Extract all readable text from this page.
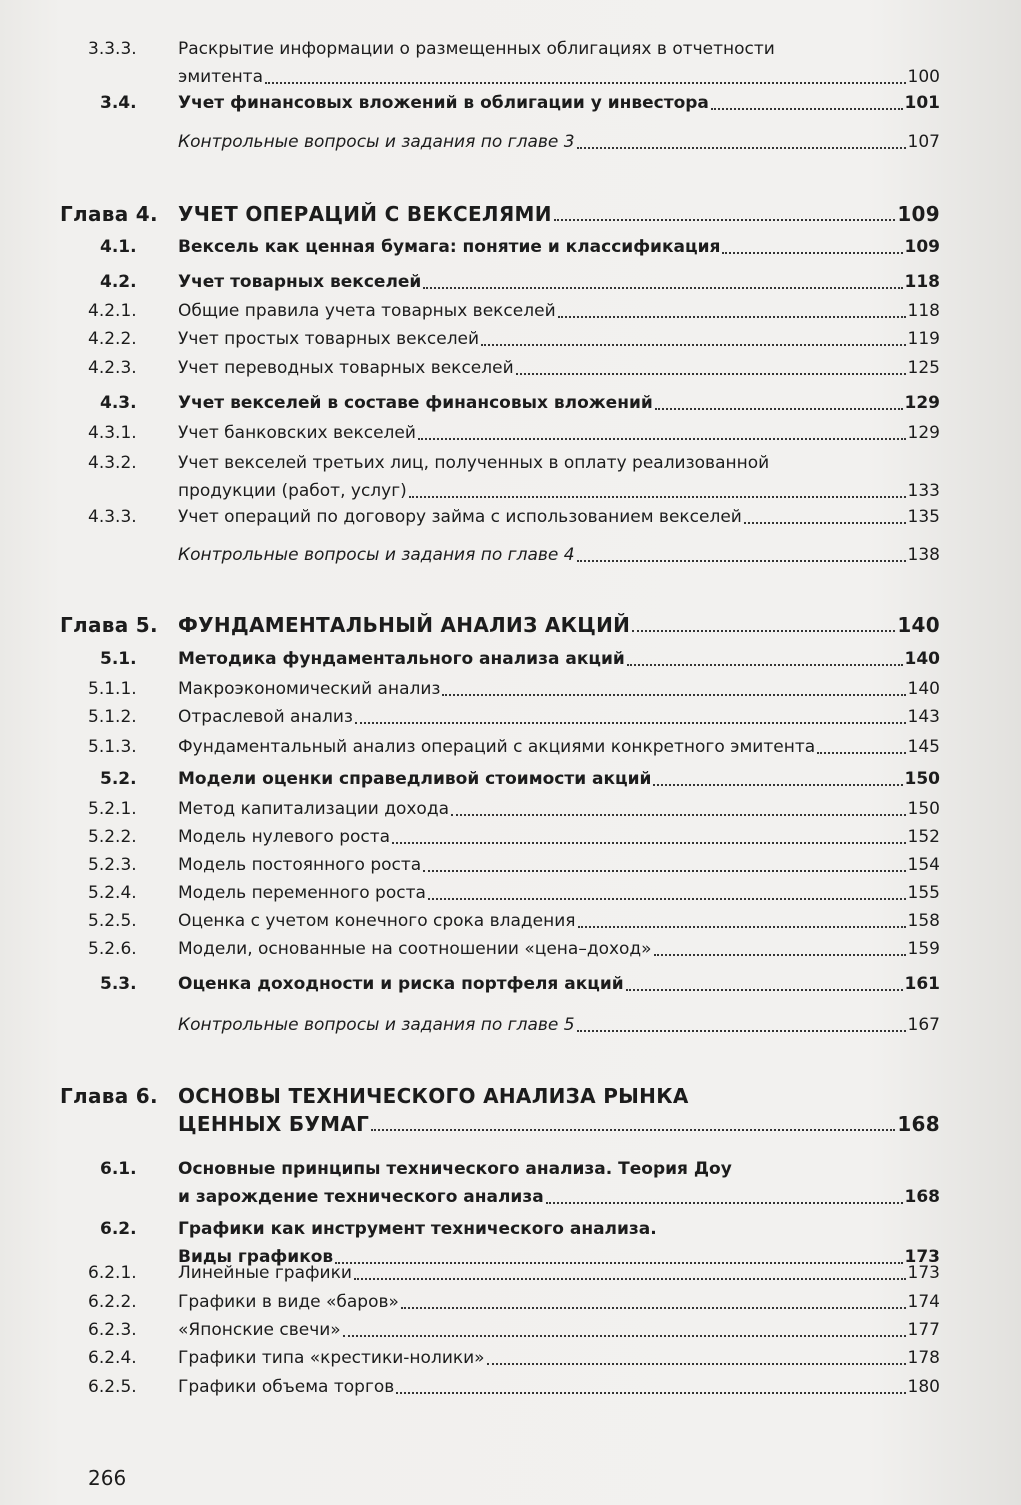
3.3.3.	Раскрытие информации о размещенных облигациях в отчетности
эмитента	100
3.4.	Учет финансовых вложений в облигации у инвестора	101
Контрольные вопросы и задания по главе 3	107
Глава 4.	УЧЕТ ОПЕРАЦИЙ С ВЕКСЕЛЯМИ	109
4.1.	Вексель как ценная бумага: понятие и классификация	109
4.2.	Учет товарных векселей	118
4.2.1.	Общие правила учета товарных векселей	118
4.2.2.	Учет простых товарных векселей	119
4.2.3.	Учет переводных товарных векселей	125
4.3.	Учет векселей в составе финансовых вложений	129
4.3.1.	Учет банковских векселей	129
4.3.2.	Учет векселей третьих лиц, полученных в оплату реализованной
продукции (работ, услуг)	133
4.3.3.	Учет операций по договору займа с использованием векселей	135
Контрольные вопросы и задания по главе 4	138
Глава 5.	ФУНДАМЕНТАЛЬНЫЙ АНАЛИЗ АКЦИЙ	140
5.1.	Методика фундаментального анализа акций	140
5.1.1.	Макроэкономический анализ	140
5.1.2.	Отраслевой анализ	143
5.1.3.	Фундаментальный анализ операций с акциями конкретного эмитента	145
5.2.	Модели оценки справедливой стоимости акций	150
5.2.1.	Метод капитализации дохода	150
5.2.2.	Модель нулевого роста	152
5.2.3.	Модель постоянного роста	154
5.2.4.	Модель переменного роста	155
5.2.5.	Оценка с учетом конечного срока владения	158
5.2.6.	Модели, основанные на соотношении «цена–доход»	159
5.3.	Оценка доходности и риска портфеля акций	161
Контрольные вопросы и задания по главе 5	167
Глава 6.	ОСНОВЫ ТЕХНИЧЕСКОГО АНАЛИЗА РЫНКА
ЦЕННЫХ БУМАГ	168
6.1.	Основные принципы технического анализа. Теория Доу
и зарождение технического анализа	168
6.2.	Графики как инструмент технического анализа.
Виды графиков	173
6.2.1.	Линейные графики	173
6.2.2.	Графики в виде «баров»	174
6.2.3.	«Японские свечи»	177
6.2.4.	Графики типа «крестики-нолики»	178
6.2.5.	Графики объема торгов	180
266
